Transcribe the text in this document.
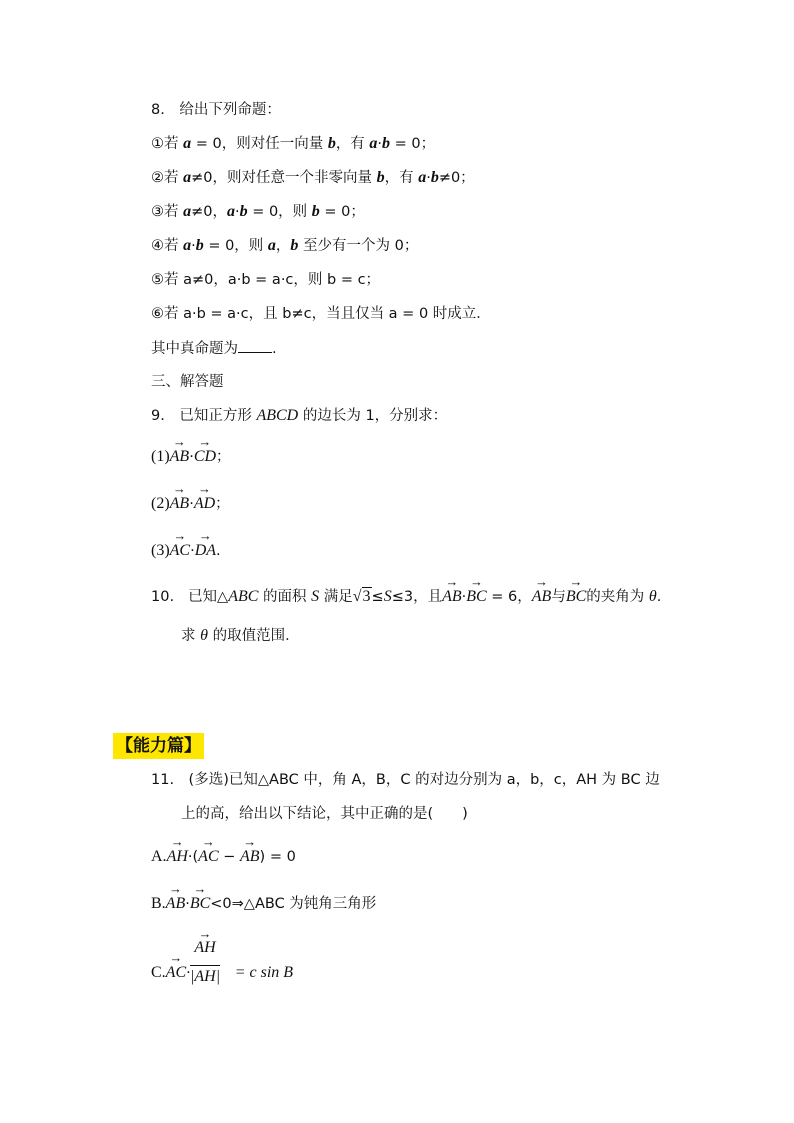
8.　给出下列命题：
①若 a = 0，则对任一向量 b，有 a·b = 0；
②若 a≠0，则对任意一个非零向量 b，有 a·b≠0；
③若 a≠0，a·b = 0，则 b = 0；
④若 a·b = 0，则 a，b 至少有一个为 0；
⑤若 a≠0，a·b = a·c，则 b = c；
⑥若 a·b = a·c，且 b≠c，当且仅当 a = 0 时成立．
其中真命题为 .
三、解答题
9.　已知正方形 ABCD 的边长为 1，分别求：
(1)→ AB·→ CD；
(2)→ AB·→ AD；
(3)→ AC·→ DA.
10. 已知△ABC 的面积 S 满足√3≤S≤3，且→ AB·→ BC = 6，→ AB与→ BC的夹角为 θ.
求 θ 的取值范围．
【能力篇】
11.　(多选)已知△ABC 中，角 A，B，C 的对边分别为 a，b，c，AH 为 BC 边
上的高，给出以下结论，其中正确的是(　　)
A.→ AH·(→ AC − → AB) = 0
B.→ AB·→ BC<0⇒△ABC 为钝角三角形
C.→ AC·	= c sin B
→ AH
|AH|
